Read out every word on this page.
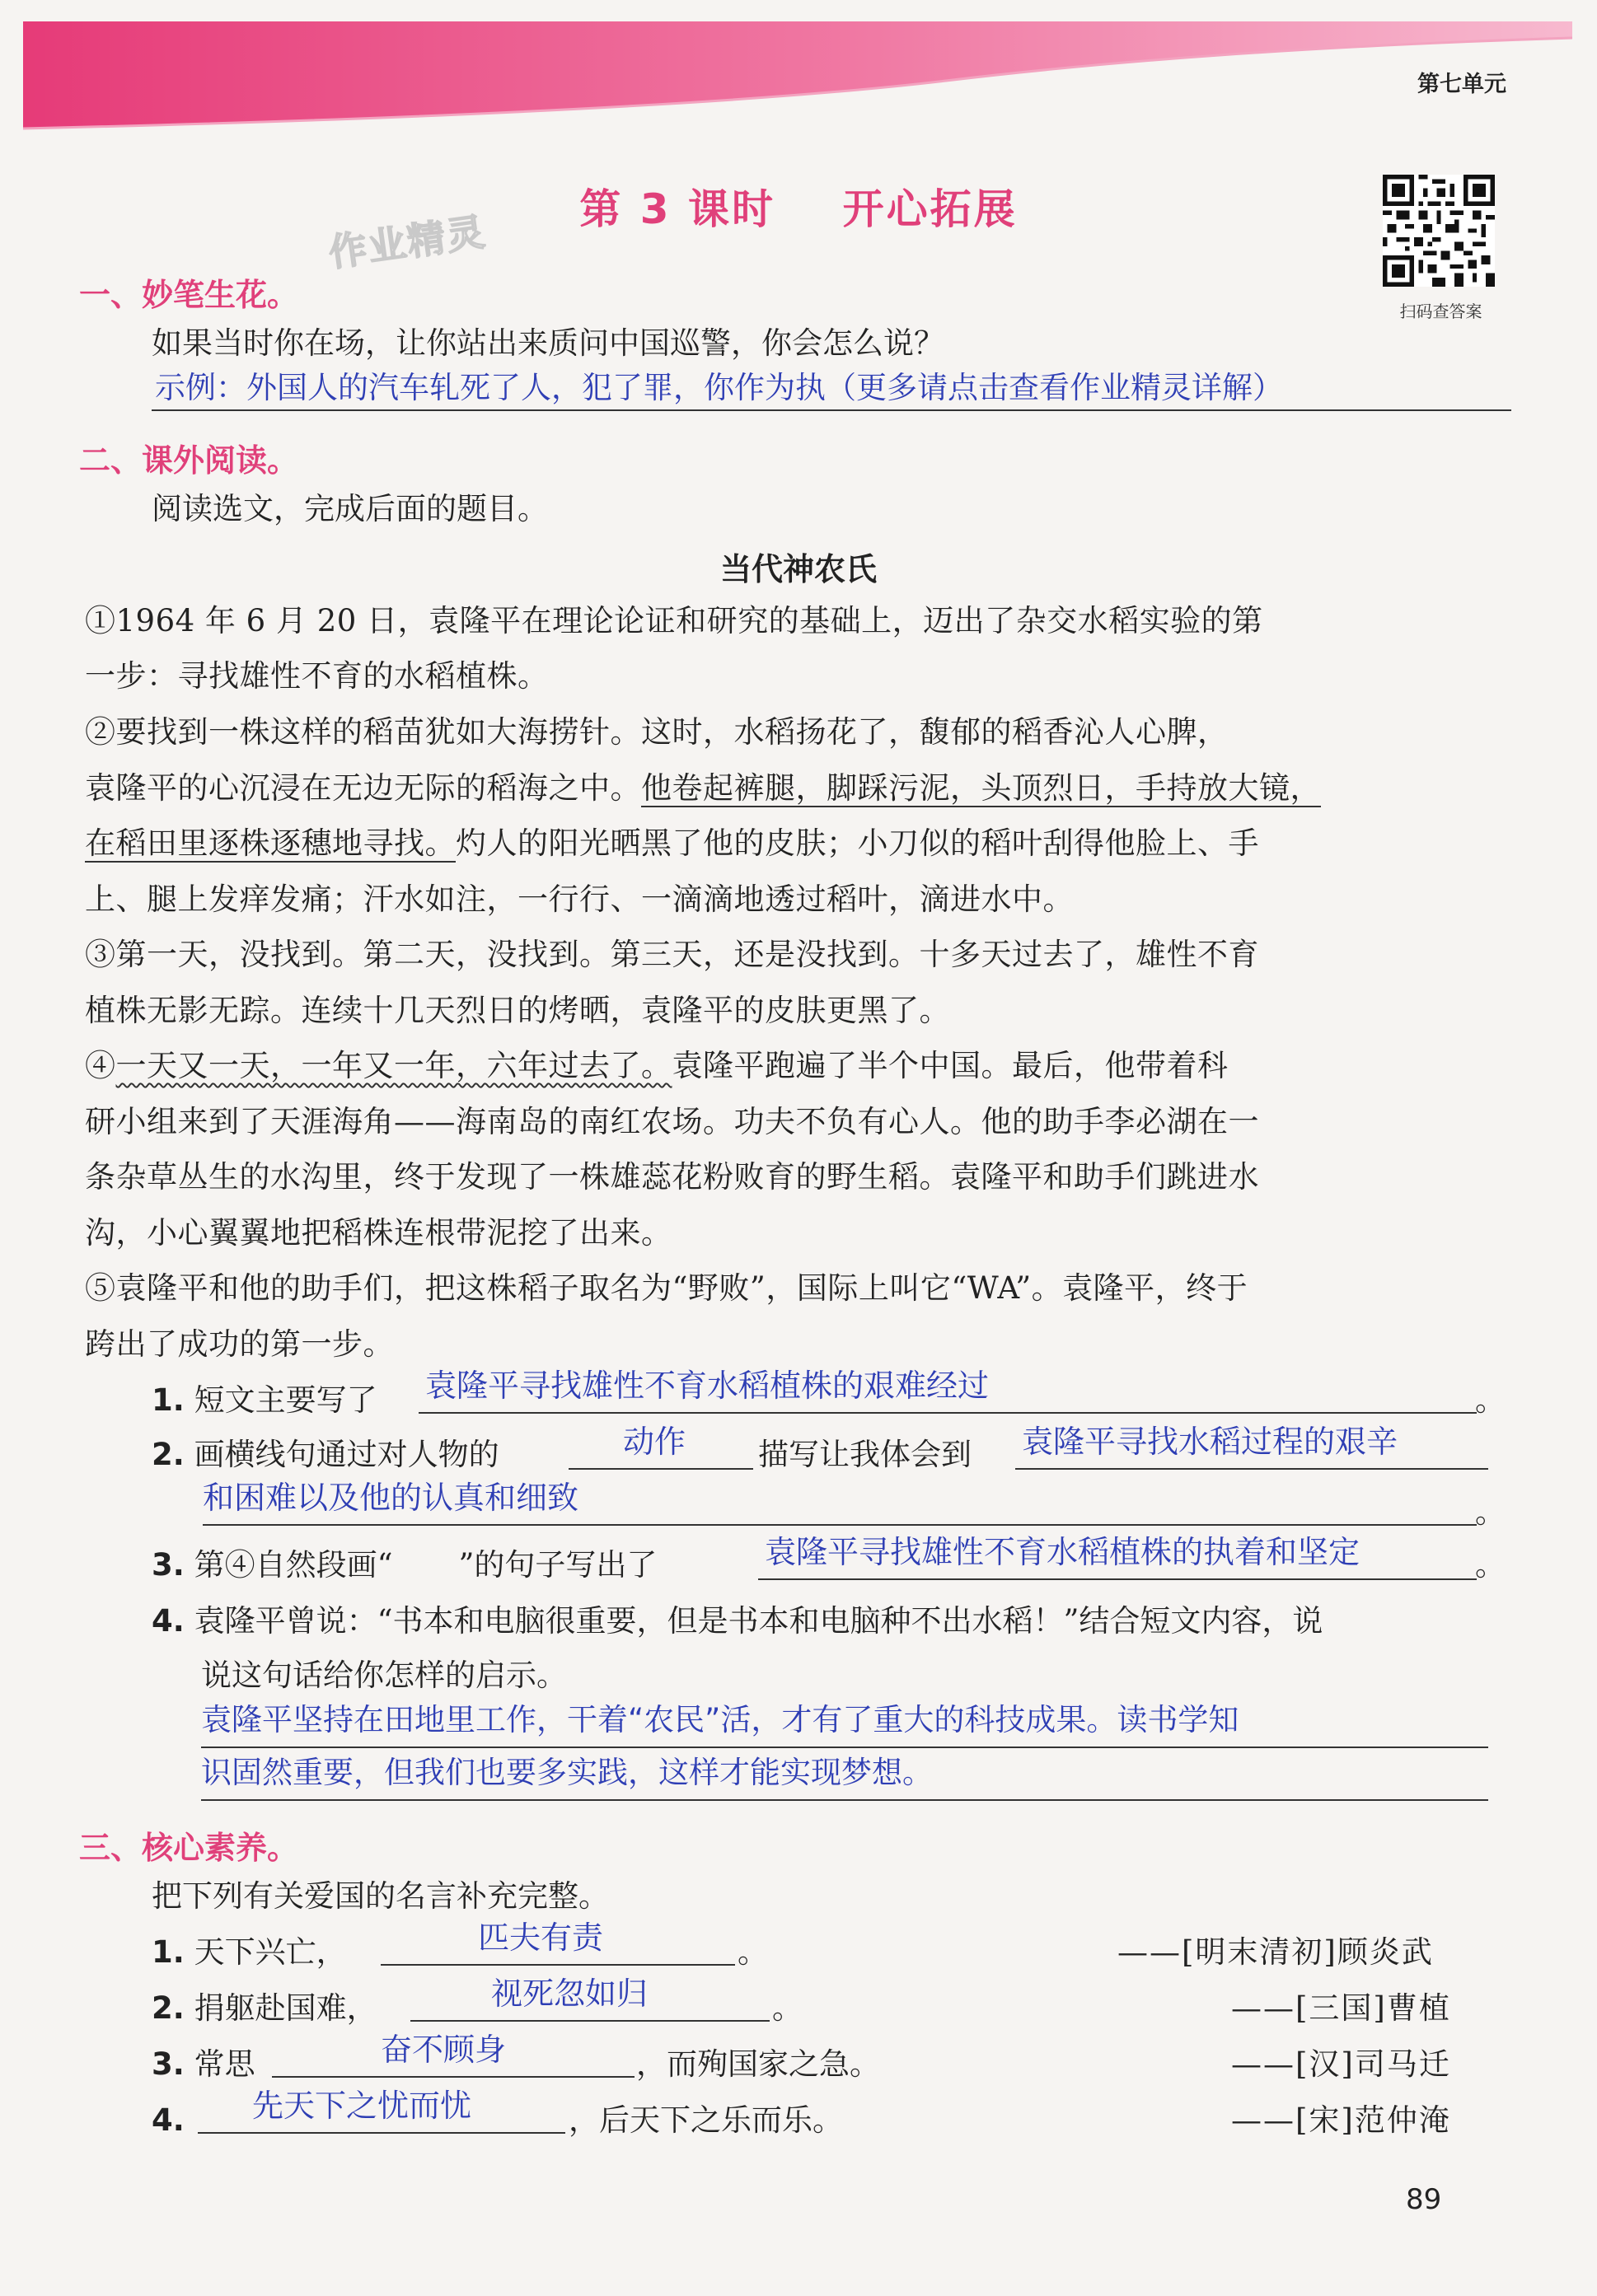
第七单元
第 3 课时    开心拓展
作业精灵
扫码查答案
一、妙笔生花。
如果当时你在场，让你站出来质问中国巡警，你会怎么说？
示例：外国人的汽车轧死了人，犯了罪，你作为执（更多请点击查看作业精灵详解）
二、课外阅读。
阅读选文，完成后面的题目。
当代神农氏
①1964 年 6 月 20 日，袁隆平在理论论证和研究的基础上，迈出了杂交水稻实验的第
一步：寻找雄性不育的水稻植株。
②要找到一株这样的稻苗犹如大海捞针。这时，水稻扬花了，馥郁的稻香沁人心脾，
袁隆平的心沉浸在无边无际的稻海之中。他卷起裤腿，脚踩污泥，头顶烈日，手持放大镜，
在稻田里逐株逐穗地寻找。灼人的阳光晒黑了他的皮肤；小刀似的稻叶刮得他脸上、手
上、腿上发痒发痛；汗水如注，一行行、一滴滴地透过稻叶，滴进水中。
③第一天，没找到。第二天，没找到。第三天，还是没找到。十多天过去了，雄性不育
植株无影无踪。连续十几天烈日的烤晒，袁隆平的皮肤更黑了。
④一天又一天，一年又一年，六年过去了。袁隆平跑遍了半个中国。最后，他带着科
研小组来到了天涯海角——海南岛的南红农场。功夫不负有心人。他的助手李必湖在一
条杂草丛生的水沟里，终于发现了一株雄蕊花粉败育的野生稻。袁隆平和助手们跳进水
沟，小心翼翼地把稻株连根带泥挖了出来。
⑤袁隆平和他的助手们，把这株稻子取名为“野败”，国际上叫它“WA”。袁隆平，终于
跨出了成功的第一步。
1. 短文主要写了 袁隆平寻找雄性不育水稻植株的艰难经过	。
2. 画横线句通过对人物的	动作 描写让我体会到 袁隆平寻找水稻过程的艰辛
和困难以及他的认真和细致	。
3. 第④自然段画“ ”的句子写出了	袁隆平寻找雄性不育水稻植株的执着和坚定	。
4. 袁隆平曾说：“书本和电脑很重要，但是书本和电脑种不出水稻！”结合短文内容，说
说这句话给你怎样的启示。
袁隆平坚持在田地里工作，干着“农民”活，才有了重大的科技成果。读书学知
识固然重要，但我们也要多实践，这样才能实现梦想。
三、核心素养。
把下列有关爱国的名言补充完整。
1. 天下兴亡，	匹夫有责	。	——[明末清初]顾炎武
2. 捐躯赴国难，	视死忽如归	。	——[三国]曹植
3. 常思	奋不顾身	，而殉国家之急。	——[汉]司马迁
4. 先天下之忧而忧	，后天下之乐而乐。	——[宋]范仲淹
89
